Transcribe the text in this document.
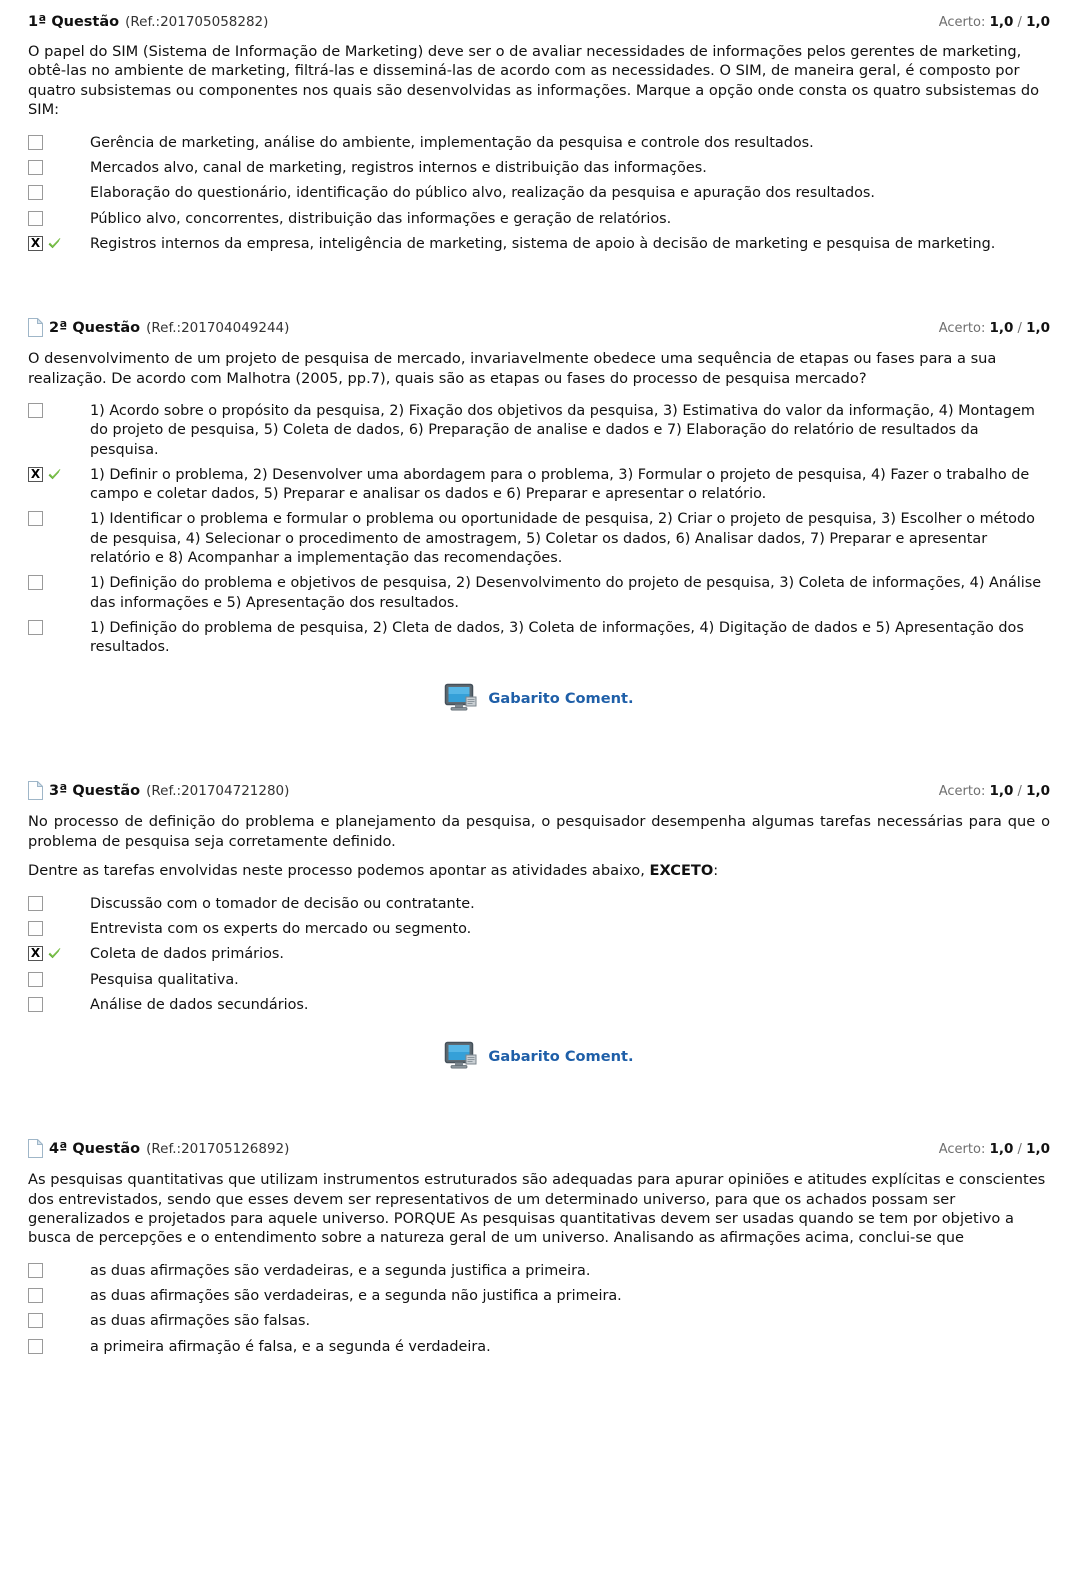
1ª Questão (Ref.:201705058282)	Acerto: 1,0 / 1,0

O papel do SIM (Sistema de Informação de Marketing) deve ser o de avaliar necessidades de informações pelos gerentes de marketing, obtê-las no ambiente de marketing, filtrá-las e disseminá-las de acordo com as necessidades. O SIM, de maneira geral, é composto por quatro subsistemas ou componentes nos quais são desenvolvidas as informações. Marque a opção onde consta os quatro subsistemas do SIM:

Gerência de marketing, análise do ambiente, implementação da pesquisa e controle dos resultados.
Mercados alvo, canal de marketing, registros internos e distribuição das informações.
Elaboração do questionário, identificação do público alvo, realização da pesquisa e apuração dos resultados.
Público alvo, concorrentes, distribuição das informações e geração de relatórios.
X	Registros internos da empresa, inteligência de marketing, sistema de apoio à decisão de marketing e pesquisa de marketing.
2ª Questão (Ref.:201704049244)	Acerto: 1,0 / 1,0

O desenvolvimento de um projeto de pesquisa de mercado, invariavelmente obedece uma sequência de etapas ou fases para a sua realização. De acordo com Malhotra (2005, pp.7), quais são as etapas ou fases do processo de pesquisa mercado?

1) Acordo sobre o propósito da pesquisa, 2) Fixação dos objetivos da pesquisa, 3) Estimativa do valor da informação, 4) Montagem do projeto de pesquisa, 5) Coleta de dados, 6) Preparação de analise e dados e 7) Elaboração do relatório de resultados da pesquisa.
X	1) Definir o problema, 2) Desenvolver uma abordagem para o problema, 3) Formular o projeto de pesquisa, 4) Fazer o trabalho de campo e coletar dados, 5) Preparar e analisar os dados e 6) Preparar e apresentar o relatório.
1) Identificar o problema e formular o problema ou oportunidade de pesquisa, 2) Criar o projeto de pesquisa, 3) Escolher o método de pesquisa, 4) Selecionar o procedimento de amostragem, 5) Coletar os dados, 6) Analisar dados, 7) Preparar e apresentar relatório e 8) Acompanhar a implementação das recomendações.
1) Definição do problema e objetivos de pesquisa, 2) Desenvolvimento do projeto de pesquisa, 3) Coleta de informações, 4) Análise das informações e 5) Apresentação dos resultados.
1) Definição do problema de pesquisa, 2) Cleta de dados, 3) Coleta de informações, 4) Digitaçăo de dados e 5) Apresentação dos resultados.
Gabarito Coment.
3ª Questão (Ref.:201704721280)	Acerto: 1,0 / 1,0

No processo de definição do problema e planejamento da pesquisa, o pesquisador desempenha algumas tarefas necessárias para que o problema de pesquisa seja corretamente definido.

Dentre as tarefas envolvidas neste processo podemos apontar as atividades abaixo, EXCETO:

Discussão com o tomador de decisão ou contratante.
Entrevista com os experts do mercado ou segmento.
X	Coleta de dados primários.
Pesquisa qualitativa.
Análise de dados secundários.
Gabarito Coment.
4ª Questão (Ref.:201705126892)	Acerto: 1,0 / 1,0

As pesquisas quantitativas que utilizam instrumentos estruturados são adequadas para apurar opiniões e atitudes explícitas e conscientes dos entrevistados, sendo que esses devem ser representativos de um determinado universo, para que os achados possam ser generalizados e projetados para aquele universo. PORQUE As pesquisas quantitativas devem ser usadas quando se tem por objetivo a busca de percepções e o entendimento sobre a natureza geral de um universo. Analisando as afirmações acima, conclui-se que

as duas afirmações são verdadeiras, e a segunda justifica a primeira.
as duas afirmações são verdadeiras, e a segunda não justifica a primeira.
as duas afirmações são falsas.
a primeira afirmação é falsa, e a segunda é verdadeira.
